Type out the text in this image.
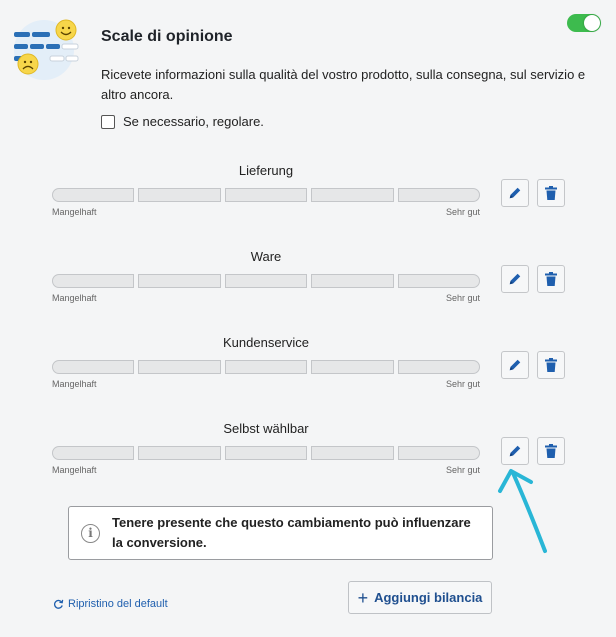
Scale di opinione
Ricevete informazioni sulla qualità del vostro prodotto, sulla consegna, sul servizio e altro ancora.
Se necessario, regolare.
Lieferung
Mangelhaft	Sehr gut
Ware
Mangelhaft	Sehr gut
Kundenservice
Mangelhaft	Sehr gut
Selbst wählbar
Mangelhaft	Sehr gut
i
Tenere presente che questo cambiamento può influenzare la conversione.
Ripristino del default	+ Aggiungi bilancia
